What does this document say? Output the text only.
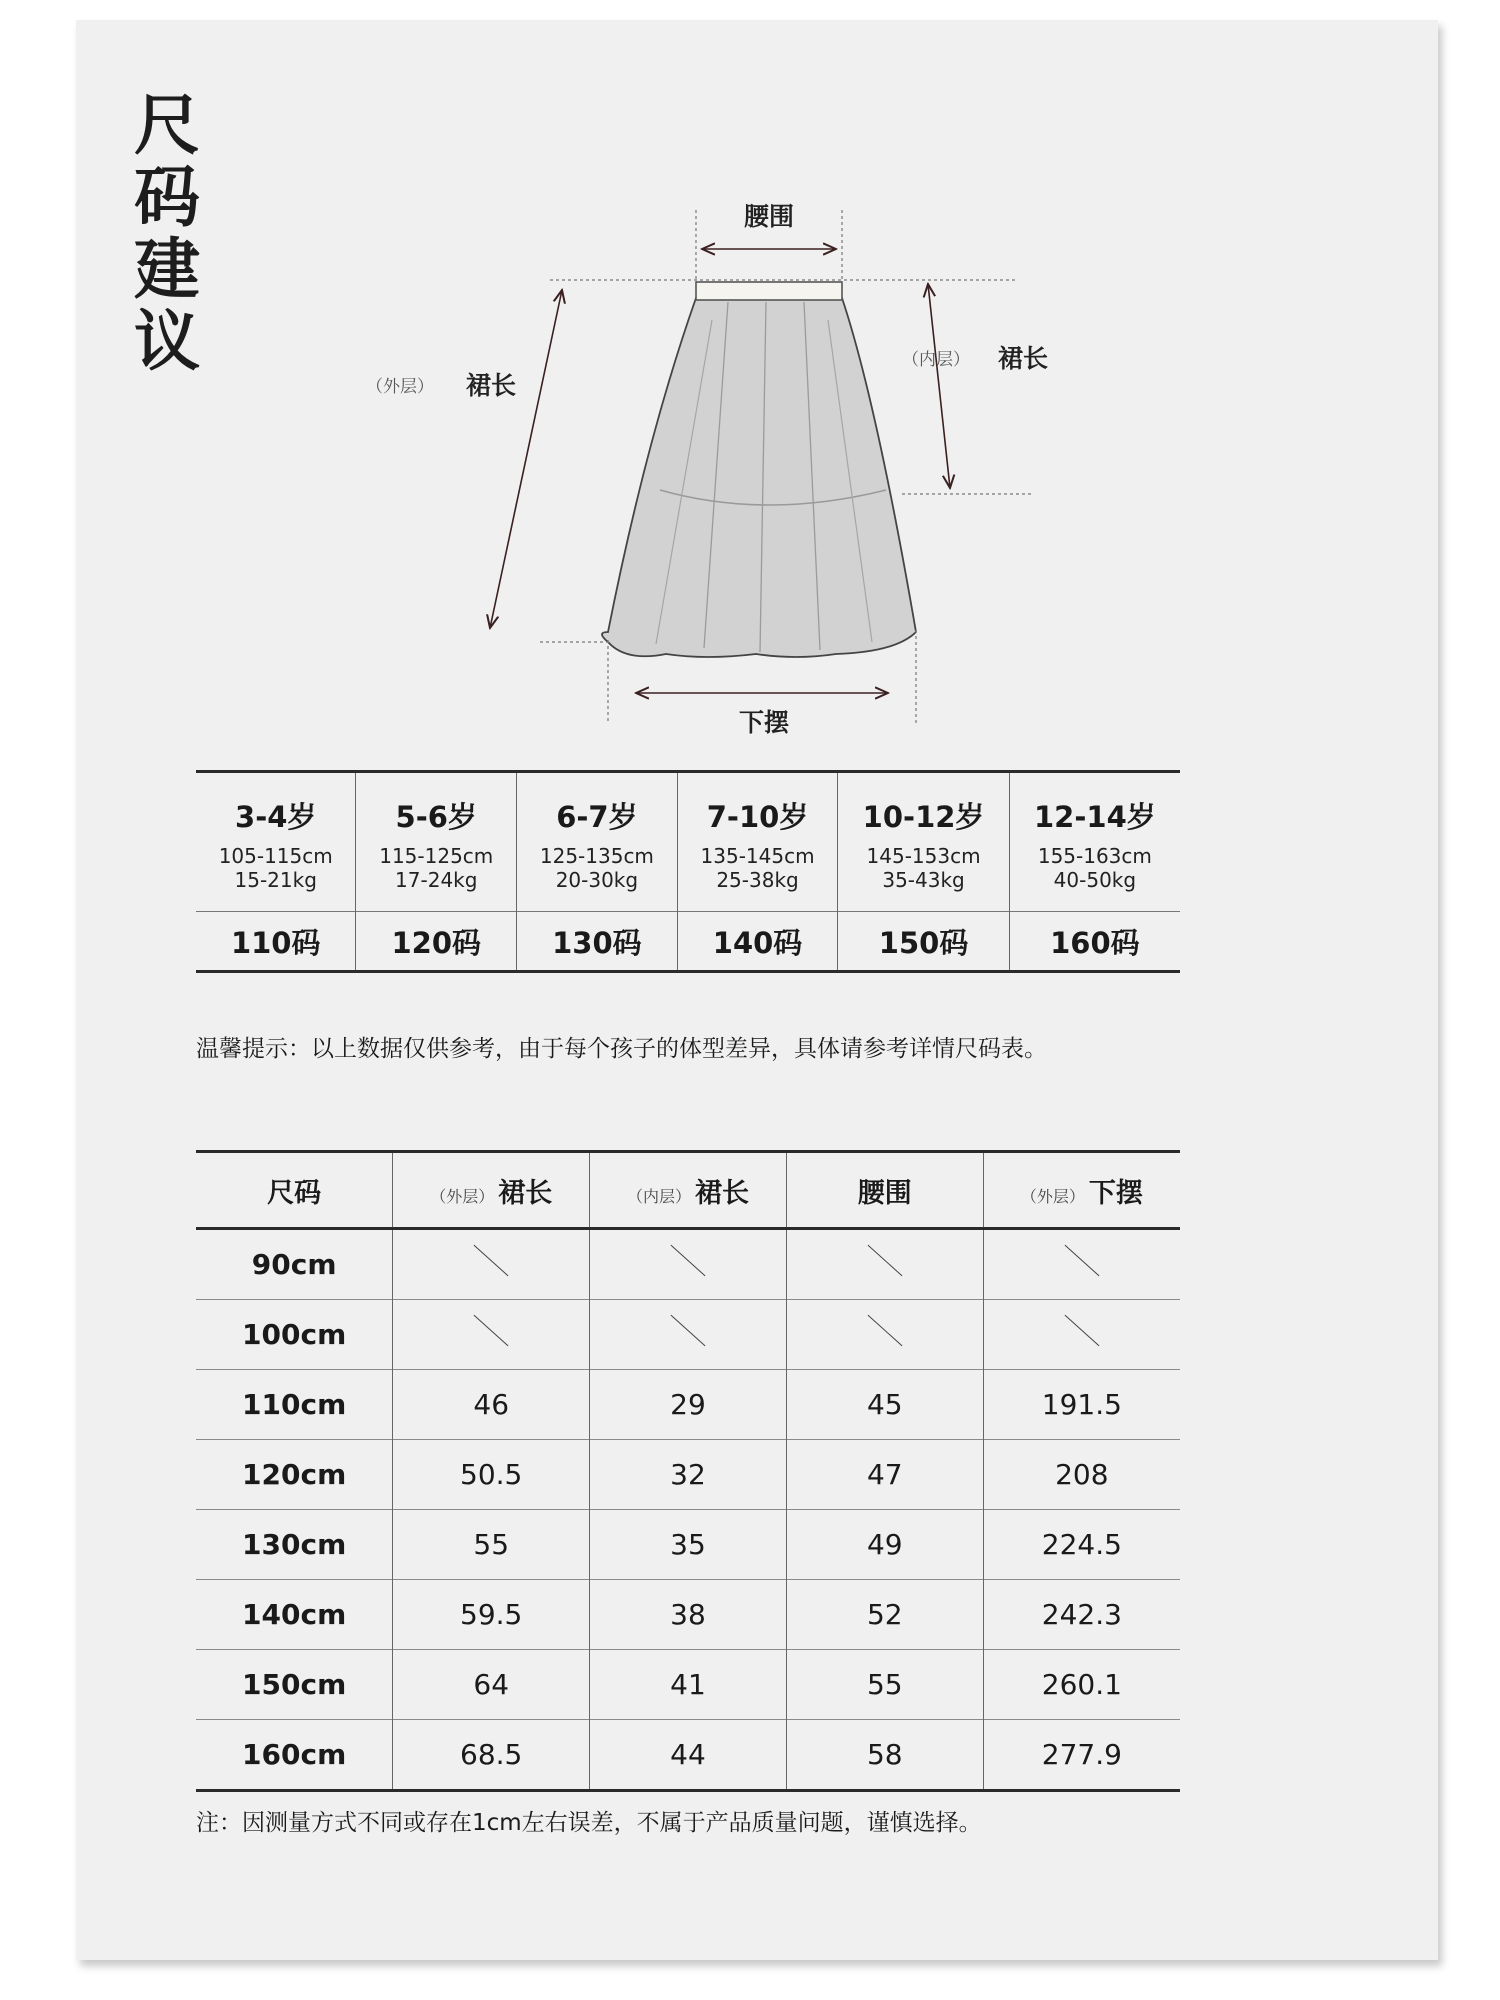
尺
码
建
议
腰围
（外层） 裙长
（内层） 裙长
下摆
3-4岁
105-115cm
15-21kg	5-6岁
115-125cm
17-24kg	6-7岁
125-135cm
20-30kg	7-10岁
135-145cm
25-38kg	10-12岁
145-153cm
35-43kg	12-14岁
155-163cm
40-50kg

110码	120码	130码	140码	150码	160码
温馨提示：以上数据仅供参考，由于每个孩子的体型差异，具体请参考详情尺码表。
尺码	（外层） 裙长	（内层） 裙长	腰围	（外层） 下摆
90cm				
100cm				
110cm	46	29	45	191.5
120cm	50.5	32	47	208
130cm	55	35	49	224.5
140cm	59.5	38	52	242.3
150cm	64	41	55	260.1
160cm	68.5	44	58	277.9
注：因测量方式不同或存在1cm左右误差，不属于产品质量问题，谨慎选择。
